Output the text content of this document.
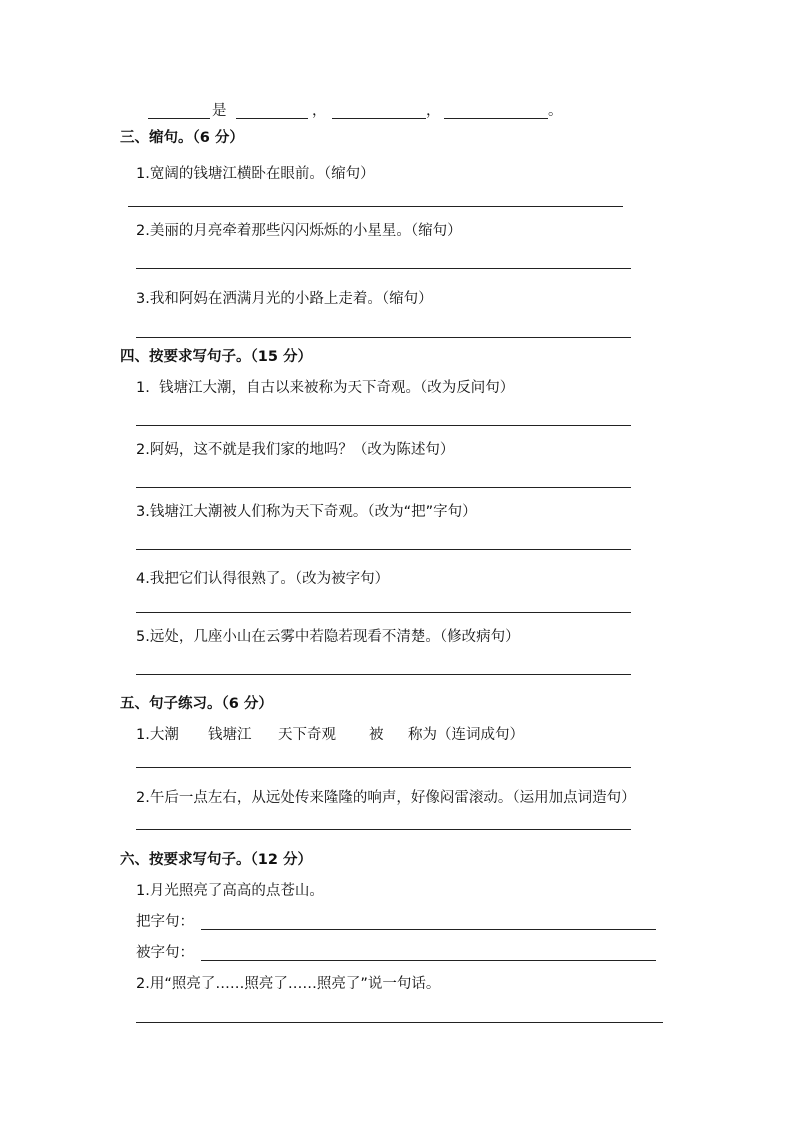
是	，	，	。
三、缩句。（6 分）
1.宽阔的钱塘江横卧在眼前。（缩句）
2.美丽的月亮牵着那些闪闪烁烁的小星星。（缩句）
3.我和阿妈在洒满月光的小路上走着。（缩句）
四、按要求写句子。（15 分）
1.  钱塘江大潮，自古以来被称为天下奇观。（改为反问句）
2.阿妈，这不就是我们家的地吗？（改为陈述句）
3.钱塘江大潮被人们称为天下奇观。（改为“把”字句）
4.我把它们认得很熟了。（改为被字句）
5.远处，几座小山在云雾中若隐若现看不清楚。（修改病句）
五、句子练习。（6 分）
1.大潮 钱塘江 天下奇观 被 称为（连词成句）
2.午后一点左右，从远处传来隆隆的响声，好像闷雷滚动。（运用加点词造句）
六、按要求写句子。（12 分）
1.月光照亮了高高的点苍山。
把字句：
被字句：
2.用“照亮了……照亮了……照亮了”说一句话。
